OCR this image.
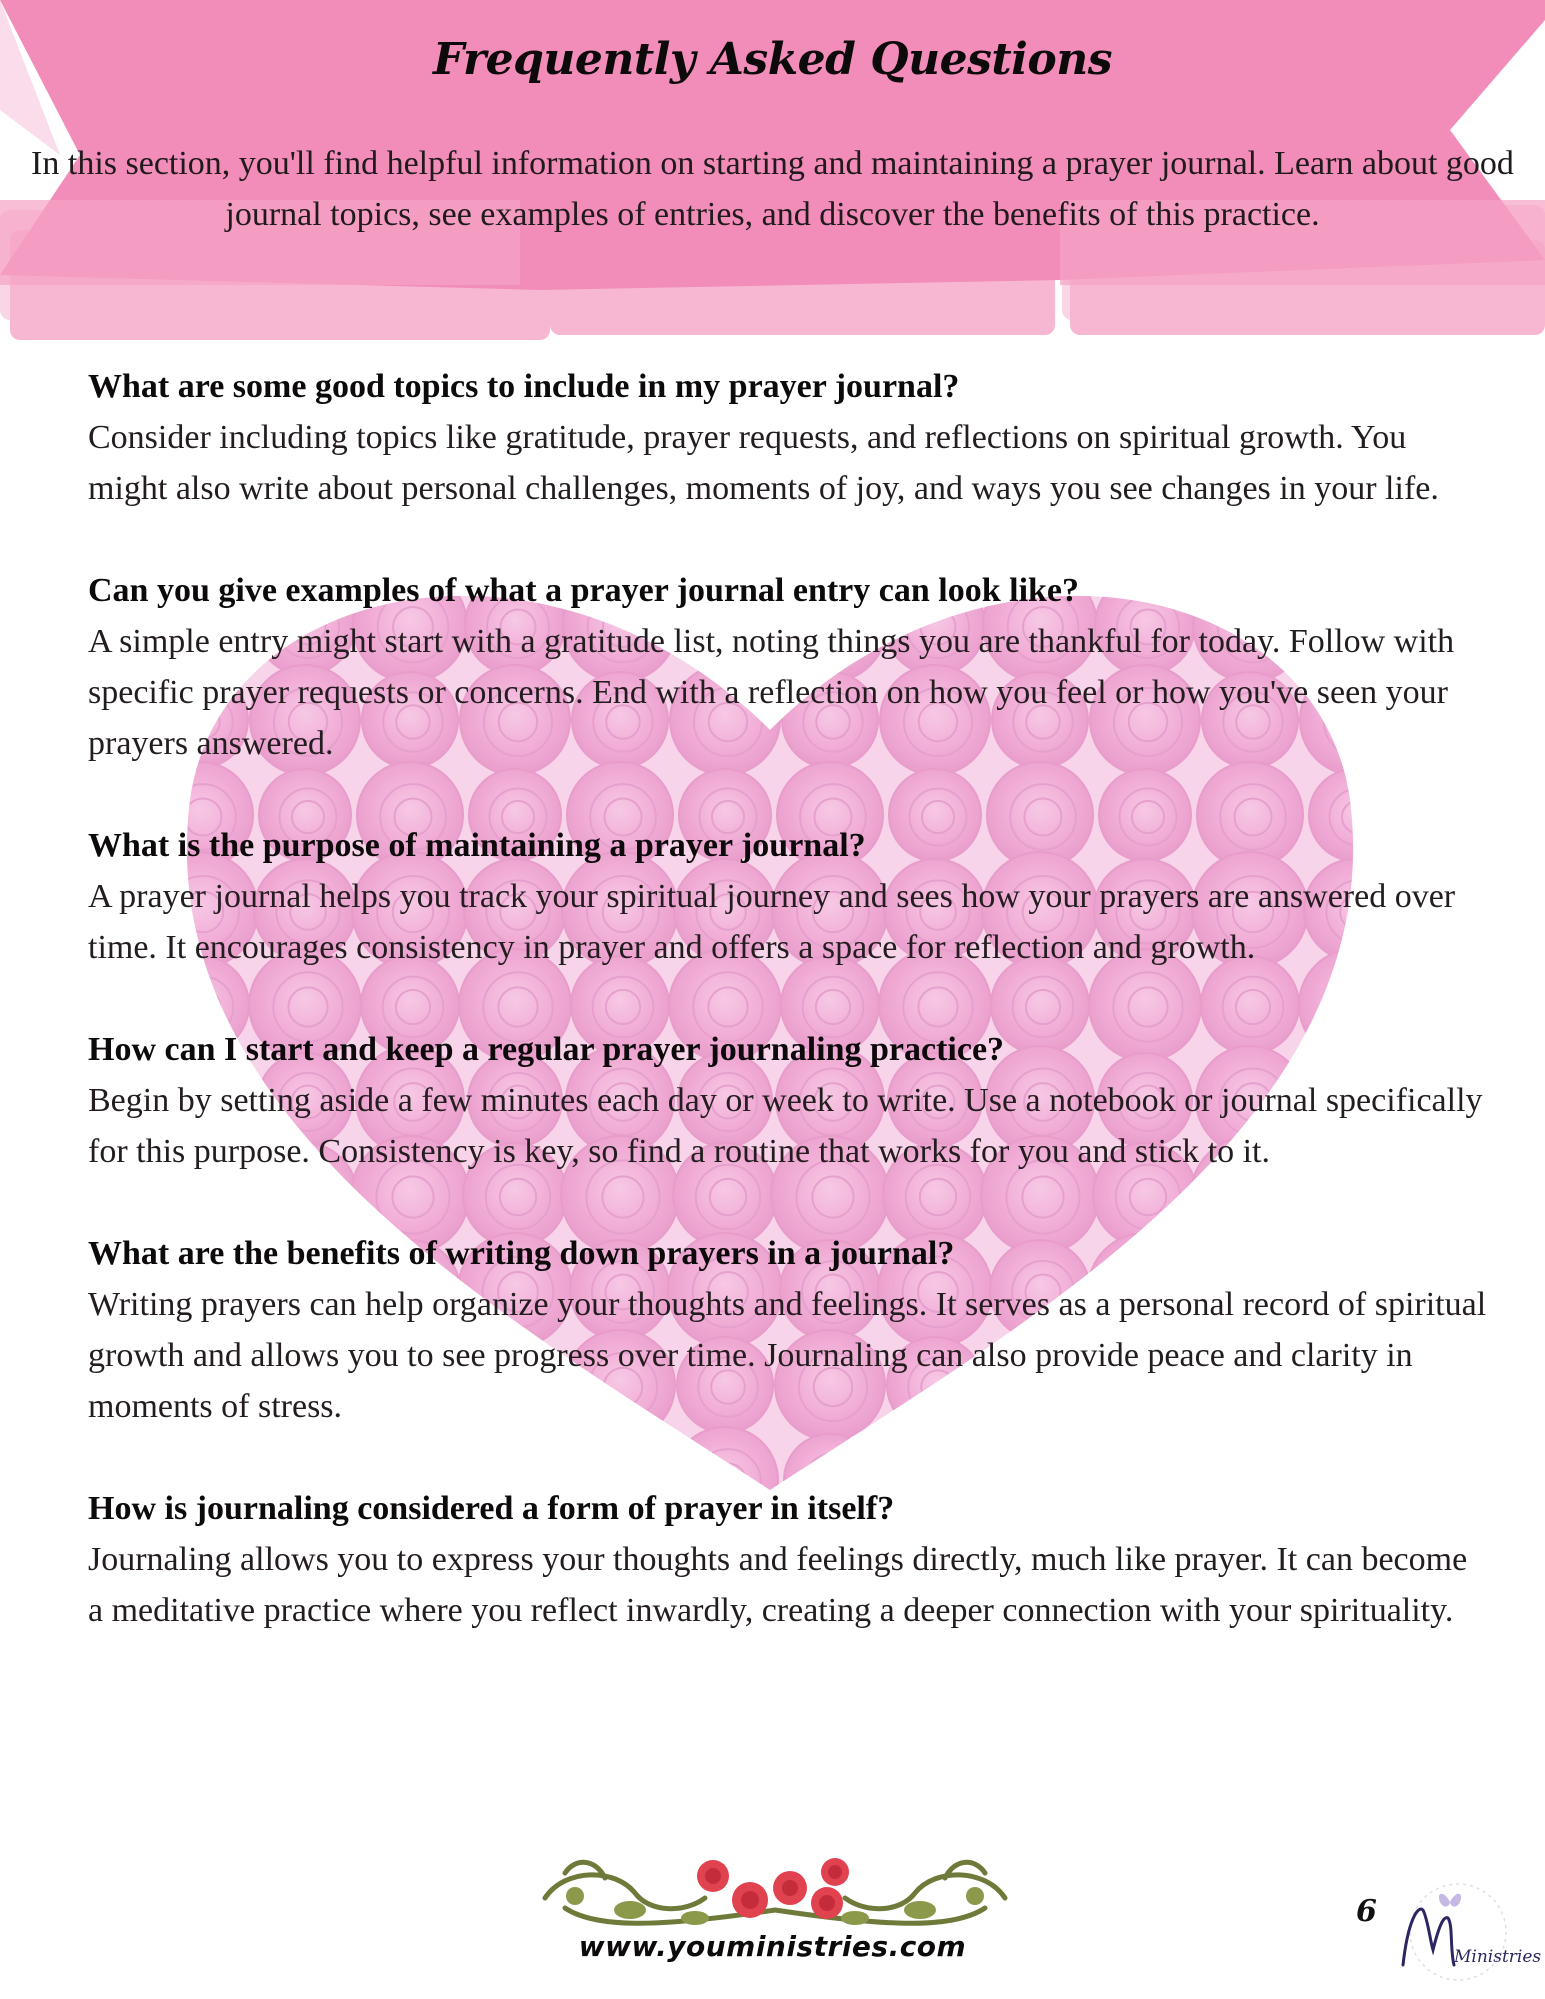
Frequently Asked Questions

In this section, you'll find helpful information on starting and maintaining a prayer journal. Learn about good journal topics, see examples of entries, and discover the benefits of this practice.

What are some good topics to include in my prayer journal?

Consider including topics like gratitude, prayer requests, and reflections on spiritual growth. You might also write about personal challenges, moments of joy, and ways you see changes in your life.

Can you give examples of what a prayer journal entry can look like?

A simple entry might start with a gratitude list, noting things you are thankful for today. Follow with specific prayer requests or concerns. End with a reflection on how you feel or how you've seen your prayers answered.

What is the purpose of maintaining a prayer journal?

A prayer journal helps you track your spiritual journey and sees how your prayers are answered over time. It encourages consistency in prayer and offers a space for reflection and growth.

How can I start and keep a regular prayer journaling practice?

Begin by setting aside a few minutes each day or week to write. Use a notebook or journal specifically for this purpose. Consistency is key, so find a routine that works for you and stick to it.

What are the benefits of writing down prayers in a journal?

Writing prayers can help organize your thoughts and feelings. It serves as a personal record of spiritual growth and allows you to see progress over time. Journaling can also provide peace and clarity in moments of stress.

How is journaling considered a form of prayer in itself?

Journaling allows you to express your thoughts and feelings directly, much like prayer. It can become a meditative practice where you reflect inwardly, creating a deeper connection with your spirituality.

www.youministries.com
6
Ministries
